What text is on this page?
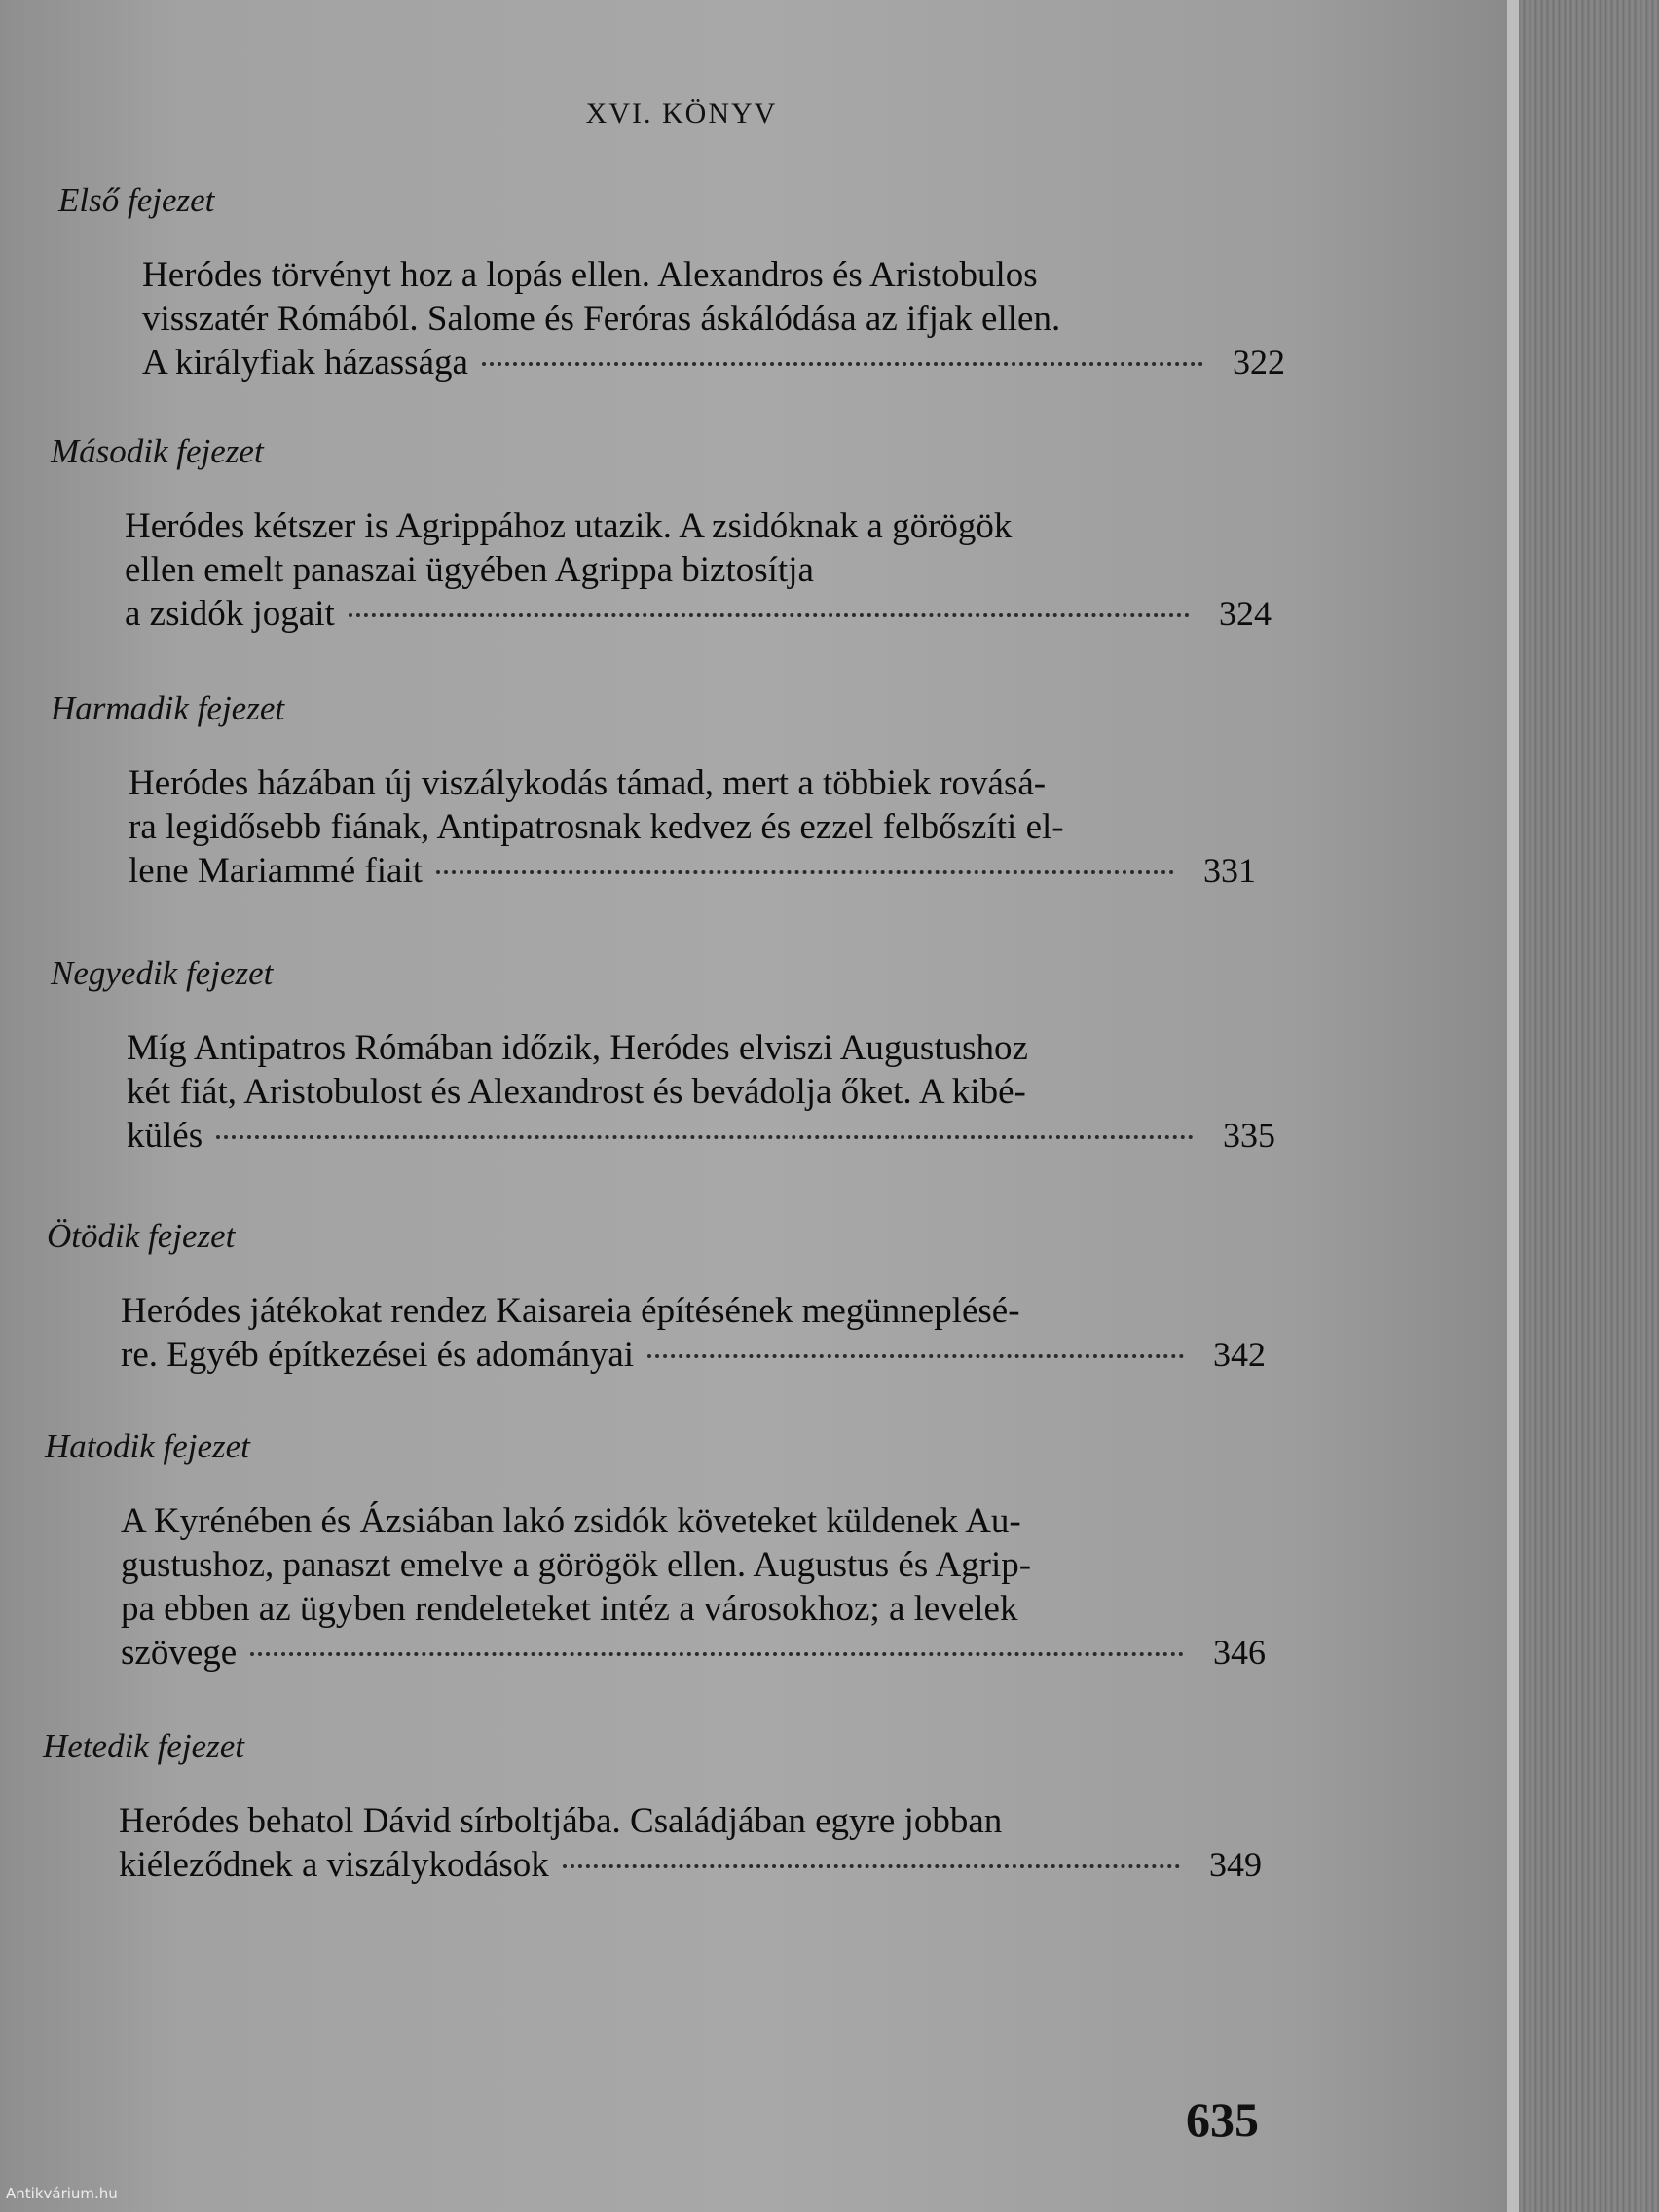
XVI. KÖNYV
Első fejezet
Heródes törvényt hoz a lopás ellen. Alexandros és Aristobulos
visszatér Rómából. Salome és Feróras áskálódása az ifjak ellen.
A királyfiak házassága	322
Második fejezet
Heródes kétszer is Agrippához utazik. A zsidóknak a görögök
ellen emelt panaszai ügyében Agrippa biztosítja
a zsidók jogait	324
Harmadik fejezet
Heródes házában új viszálykodás támad, mert a többiek rovásá-
ra legidősebb fiának, Antipatrosnak kedvez és ezzel felbőszíti el-
lene Mariammé fiait	331
Negyedik fejezet
Míg Antipatros Rómában időzik, Heródes elviszi Augustushoz
két fiát, Aristobulost és Alexandrost és bevádolja őket. A kibé-
külés	335
Ötödik fejezet
Heródes játékokat rendez Kaisareia építésének megünneplésé-
re. Egyéb építkezései és adományai	342
Hatodik fejezet
A Kyrénében és Ázsiában lakó zsidók követeket küldenek Au-
gustushoz, panaszt emelve a görögök ellen. Augustus és Agrip-
pa ebben az ügyben rendeleteket intéz a városokhoz; a levelek
szövege	346
Hetedik fejezet
Heródes behatol Dávid sírboltjába. Családjában egyre jobban
kiéleződnek a viszálykodások	349
635
Antikvárium.hu
